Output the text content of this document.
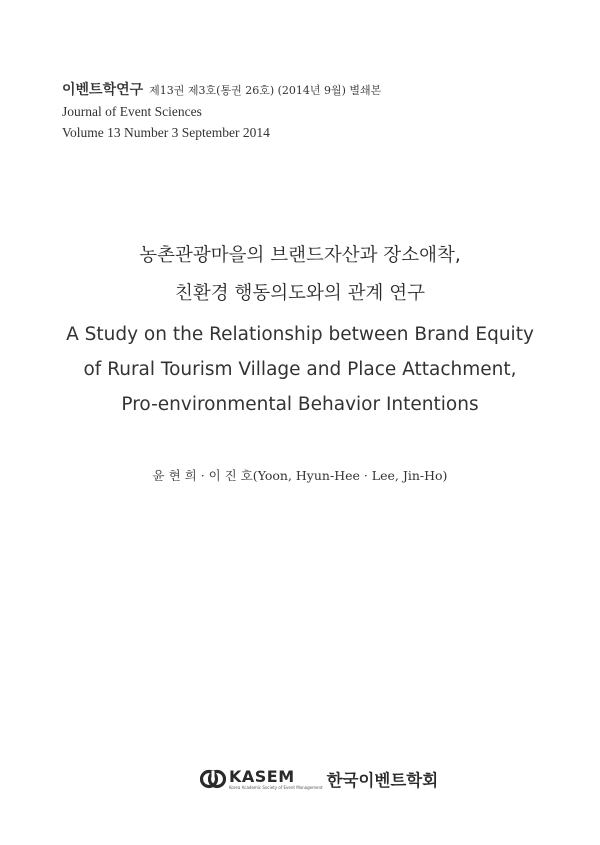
이벤트학연구 제13권 제3호(통권 26호) (2014년 9월) 별쇄본
Journal of Event Sciences
Volume 13 Number 3 September 2014
농촌관광마을의 브랜드자산과 장소애착,
친환경 행동의도와의 관계 연구
A Study on the Relationship between Brand Equity
of Rural Tourism Village and Place Attachment,
Pro-environmental Behavior Intentions
윤 현 희 · 이 진 호(Yoon, Hyun-Hee · Lee, Jin-Ho)
KASEM
Korea Academic Society of Event Management 한국이벤트학회
